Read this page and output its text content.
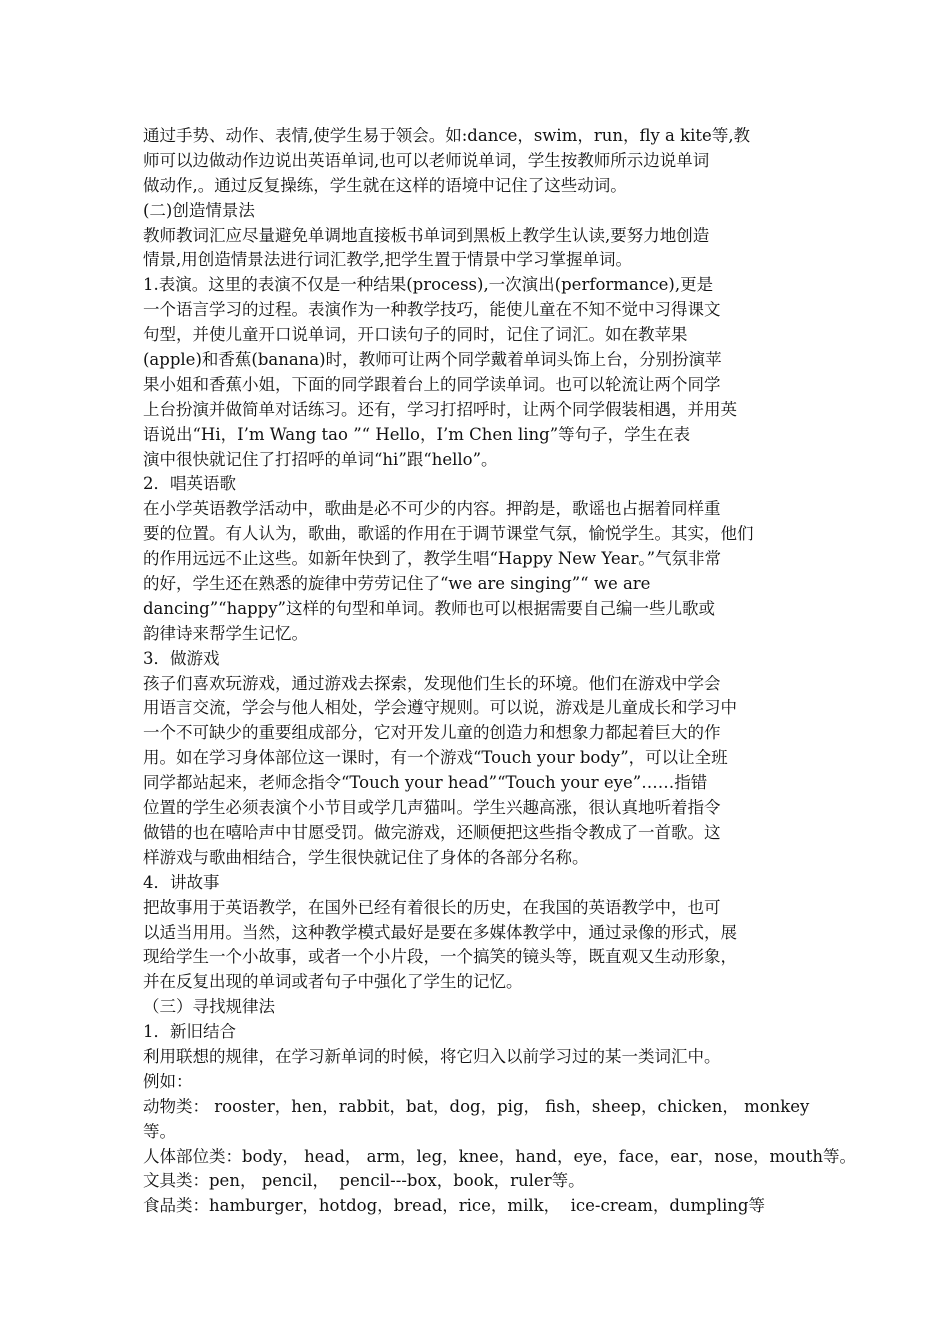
通过手势、动作、表情,使学生易于领会。如:dance，swim，run，fly a kite等,教
师可以边做动作边说出英语单词,也可以老师说单词，学生按教师所示边说单词
做动作,。通过反复操练，学生就在这样的语境中记住了这些动词。
(二)创造情景法
教师教词汇应尽量避免单调地直接板书单词到黑板上教学生认读,要努力地创造
情景,用创造情景法进行词汇教学,把学生置于情景中学习掌握单词。
1.表演。这里的表演不仅是一种结果(process),一次演出(performance),更是
一个语言学习的过程。表演作为一种教学技巧，能使儿童在不知不觉中习得课文
句型，并使儿童开口说单词，开口读句子的同时，记住了词汇。如在教苹果
(apple)和香蕉(banana)时，教师可让两个同学戴着单词头饰上台，分别扮演苹
果小姐和香蕉小姐，下面的同学跟着台上的同学读单词。也可以轮流让两个同学
上台扮演并做简单对话练习。还有，学习打招呼时，让两个同学假装相遇，并用英
语说出“Hi，I’m Wang tao ”“ Hello，I’m Chen ling”等句子，学生在表
演中很快就记住了打招呼的单词“hi”跟“hello”。
2．唱英语歌
在小学英语教学活动中，歌曲是必不可少的内容。押韵是，歌谣也占据着同样重
要的位置。有人认为，歌曲，歌谣的作用在于调节课堂气氛，愉悦学生。其实，他们
的作用远远不止这些。如新年快到了，教学生唱“Happy New Year。”气氛非常
的好，学生还在熟悉的旋律中劳劳记住了“we are singing”“ we are
dancing”“happy”这样的句型和单词。教师也可以根据需要自己编一些儿歌或
韵律诗来帮学生记忆。
3．做游戏
孩子们喜欢玩游戏，通过游戏去探索，发现他们生长的环境。他们在游戏中学会
用语言交流，学会与他人相处，学会遵守规则。可以说，游戏是儿童成长和学习中
一个不可缺少的重要组成部分，它对开发儿童的创造力和想象力都起着巨大的作
用。如在学习身体部位这一课时，有一个游戏“Touch your body”，可以让全班
同学都站起来，老师念指令“Touch your head”“Touch your eye”……指错
位置的学生必须表演个小节目或学几声猫叫。学生兴趣高涨，很认真地听着指令
做错的也在嘻哈声中甘愿受罚。做完游戏，还顺便把这些指令教成了一首歌。这
样游戏与歌曲相结合，学生很快就记住了身体的各部分名称。
4．讲故事
把故事用于英语教学，在国外已经有着很长的历史，在我国的英语教学中，也可
以适当用用。当然，这种教学模式最好是要在多媒体教学中，通过录像的形式，展
现给学生一个小故事，或者一个小片段，一个搞笑的镜头等，既直观又生动形象，
并在反复出现的单词或者句子中强化了学生的记忆。
（三）寻找规律法
1．新旧结合
利用联想的规律，在学习新单词的时候，将它归入以前学习过的某一类词汇中。
例如：
动物类： rooster，hen，rabbit，bat，dog，pig， fish，sheep，chicken， monkey
等。
人体部位类：body， head， arm，leg，knee，hand，eye，face，ear，nose，mouth等。
文具类：pen， pencil，  pencil---box，book，ruler等。
食品类：hamburger，hotdog，bread，rice，milk，  ice-cream，dumpling等
